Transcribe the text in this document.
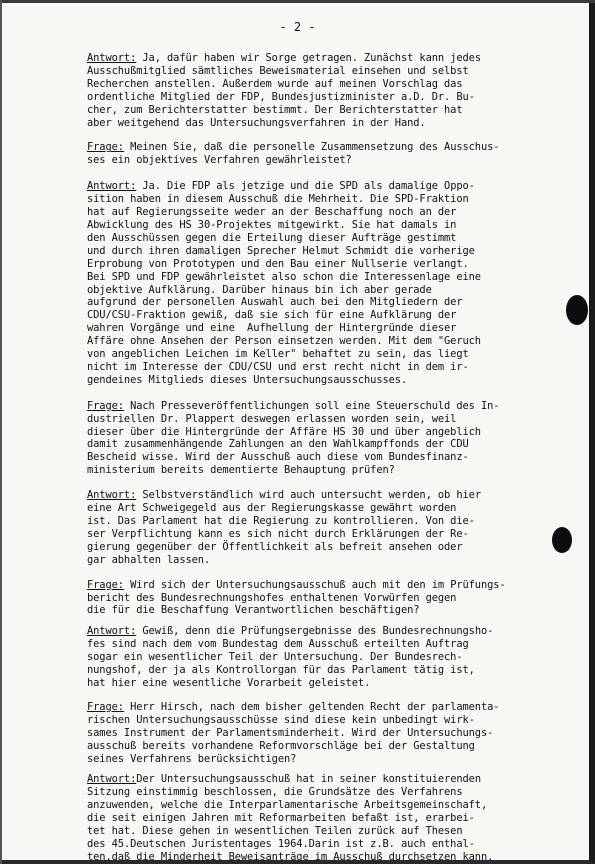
- 2 -
Antwort: Ja, dafür haben wir Sorge getragen. Zunächst kann jedes
Ausschußmitglied sämtliches Beweismaterial einsehen und selbst
Recherchen anstellen. Außerdem wurde auf meinen Vorschlag das
ordentliche Mitglied der FDP, Bundesjustizminister a.D. Dr. Bu-
cher, zum Berichterstatter bestimmt. Der Berichterstatter hat
aber weitgehend das Untersuchungsverfahren in der Hand.
Frage: Meinen Sie, daß die personelle Zusammensetzung des Ausschus-
ses ein objektives Verfahren gewährleistet?
Antwort: Ja. Die FDP als jetzige und die SPD als damalige Oppo-
sition haben in diesem Ausschuß die Mehrheit. Die SPD-Fraktion
hat auf Regierungsseite weder an der Beschaffung noch an der
Abwicklung des HS 30-Projektes mitgewirkt. Sie hat damals in
den Ausschüssen gegen die Erteilung dieser Aufträge gestimmt
und durch ihren damaligen Sprecher Helmut Schmidt die vorherige
Erprobung von Prototypen und den Bau einer Nullserie verlangt.
Bei SPD und FDP gewährleistet also schon die Interessenlage eine
objektive Aufklärung. Darüber hinaus bin ich aber gerade
aufgrund der personellen Auswahl auch bei den Mitgliedern der
CDU/CSU-Fraktion gewiß, daß sie sich für eine Aufklärung der
wahren Vorgänge und eine  Aufhellung der Hintergründe dieser
Affäre ohne Ansehen der Person einsetzen werden. Mit dem "Geruch
von angeblichen Leichen im Keller" behaftet zu sein, das liegt
nicht im Interesse der CDU/CSU und erst recht nicht in dem ir-
gendeines Mitglieds dieses Untersuchungsausschusses.
Frage: Nach Presseveröffentlichungen soll eine Steuerschuld des In-
dustriellen Dr. Plappert deswegen erlassen worden sein, weil
dieser über die Hintergründe der Affäre HS 30 und über angeblich
damit zusammenhängende Zahlungen an den Wahlkampffonds der CDU
Bescheid wisse. Wird der Ausschuß auch diese vom Bundesfinanz-
ministerium bereits dementierte Behauptung prüfen?
Antwort: Selbstverständlich wird auch untersucht werden, ob hier
eine Art Schweigegeld aus der Regierungskasse gewährt worden
ist. Das Parlament hat die Regierung zu kontrollieren. Von die-
ser Verpflichtung kann es sich nicht durch Erklärungen der Re-
gierung gegenüber der Öffentlichkeit als befreit ansehen oder
gar abhalten lassen.
Frage: Wird sich der Untersuchungsausschuß auch mit den im Prüfungs-
bericht des Bundesrechnungshofes enthaltenen Vorwürfen gegen
die für die Beschaffung Verantwortlichen beschäftigen?
Antwort: Gewiß, denn die Prüfungsergebnisse des Bundesrechnungsho-
fes sind nach dem vom Bundestag dem Ausschuß erteilten Auftrag
sogar ein wesentlicher Teil der Untersuchung. Der Bundesrech-
nungshof, der ja als Kontrollorgan für das Parlament tätig ist,
hat hier eine wesentliche Vorarbeit geleistet.
Frage: Herr Hirsch, nach dem bisher geltenden Recht der parlamenta-
rischen Untersuchungsausschüsse sind diese kein unbedingt wirk-
sames Instrument der Parlamentsminderheit. Wird der Untersuchungs-
ausschuß bereits vorhandene Reformvorschläge bei der Gestaltung
seines Verfahrens berücksichtigen?
Antwort:Der Untersuchungsausschuß hat in seiner konstituierenden
Sitzung einstimmig beschlossen, die Grundsätze des Verfahrens
anzuwenden, welche die Interparlamentarische Arbeitsgemeinschaft,
die seit einigen Jahren mit Reformarbeiten befaßt ist, erarbei-
tet hat. Diese gehen in wesentlichen Teilen zurück auf Thesen
des 45.Deutschen Juristentages 1964.Darin ist z.B. auch enthal-
ten,daß die Minderheit Beweisanträge im Ausschuß durchsetzen kann.
